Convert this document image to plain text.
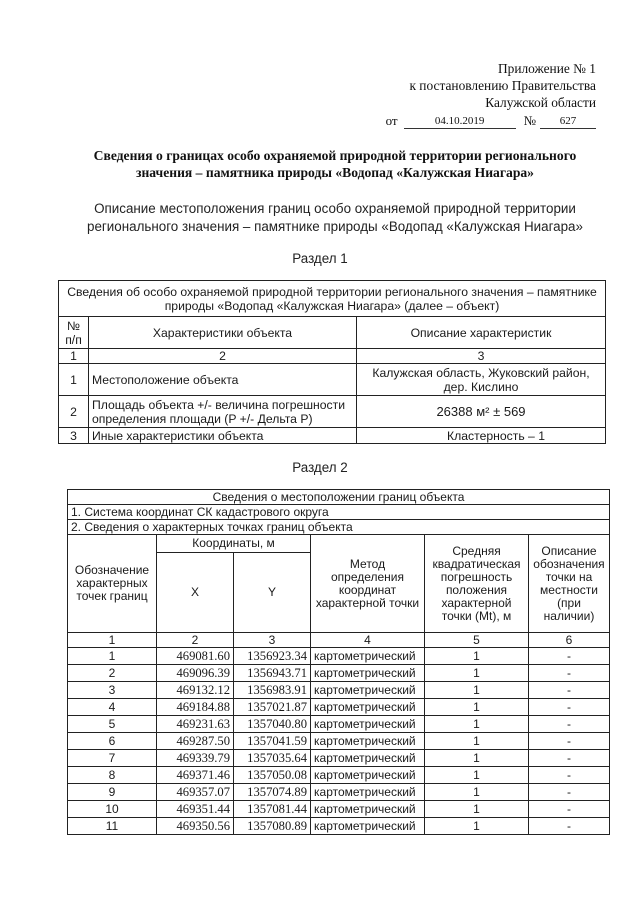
Приложение № 1
к постановлению Правительства
Калужской области
от	04.10.2019	№	627
Сведения о границах особо охраняемой природной территории регионального значения – памятника природы «Водопад «Калужская Ниагара»
Описание местоположения границ особо охраняемой природной территории регионального значения – памятнике природы «Водопад «Калужская Ниагара»
Раздел 1
Сведения об особо охраняемой природной территории регионального значения – памятнике природы «Водопад «Калужская Ниагара» (далее – объект)		
№ п/п	Характеристики объекта	Описание характеристик
1	2	3
1	Местоположение объекта	Калужская область, Жуковский район, дер. Кислино
2	Площадь объекта +/- величина погрешности определения площади (P +/- Дельта P)	26388 м² ± 569
3	Иные характеристики объекта	Кластерность – 1
Раздел 2
Сведения о местоположении границ объекта					
1. Система координат СК кадастрового округа					
2. Сведения о характерных точках границ объекта					
Обозначение характерных точек границ	Координаты, м		Метод определения координат характерной точки	Средняя квадратическая погрешность положения характерной точки (Mt), м	Описание обозначения точки на местности (при наличии)
	X	Y			
1	2	3	4	5	6
1	469081.60	1356923.34	картометрический	1	-
2	469096.39	1356943.71	картометрический	1	-
3	469132.12	1356983.91	картометрический	1	-
4	469184.88	1357021.87	картометрический	1	-
5	469231.63	1357040.80	картометрический	1	-
6	469287.50	1357041.59	картометрический	1	-
7	469339.79	1357035.64	картометрический	1	-
8	469371.46	1357050.08	картометрический	1	-
9	469357.07	1357074.89	картометрический	1	-
10	469351.44	1357081.44	картометрический	1	-
11	469350.56	1357080.89	картометрический	1	-
